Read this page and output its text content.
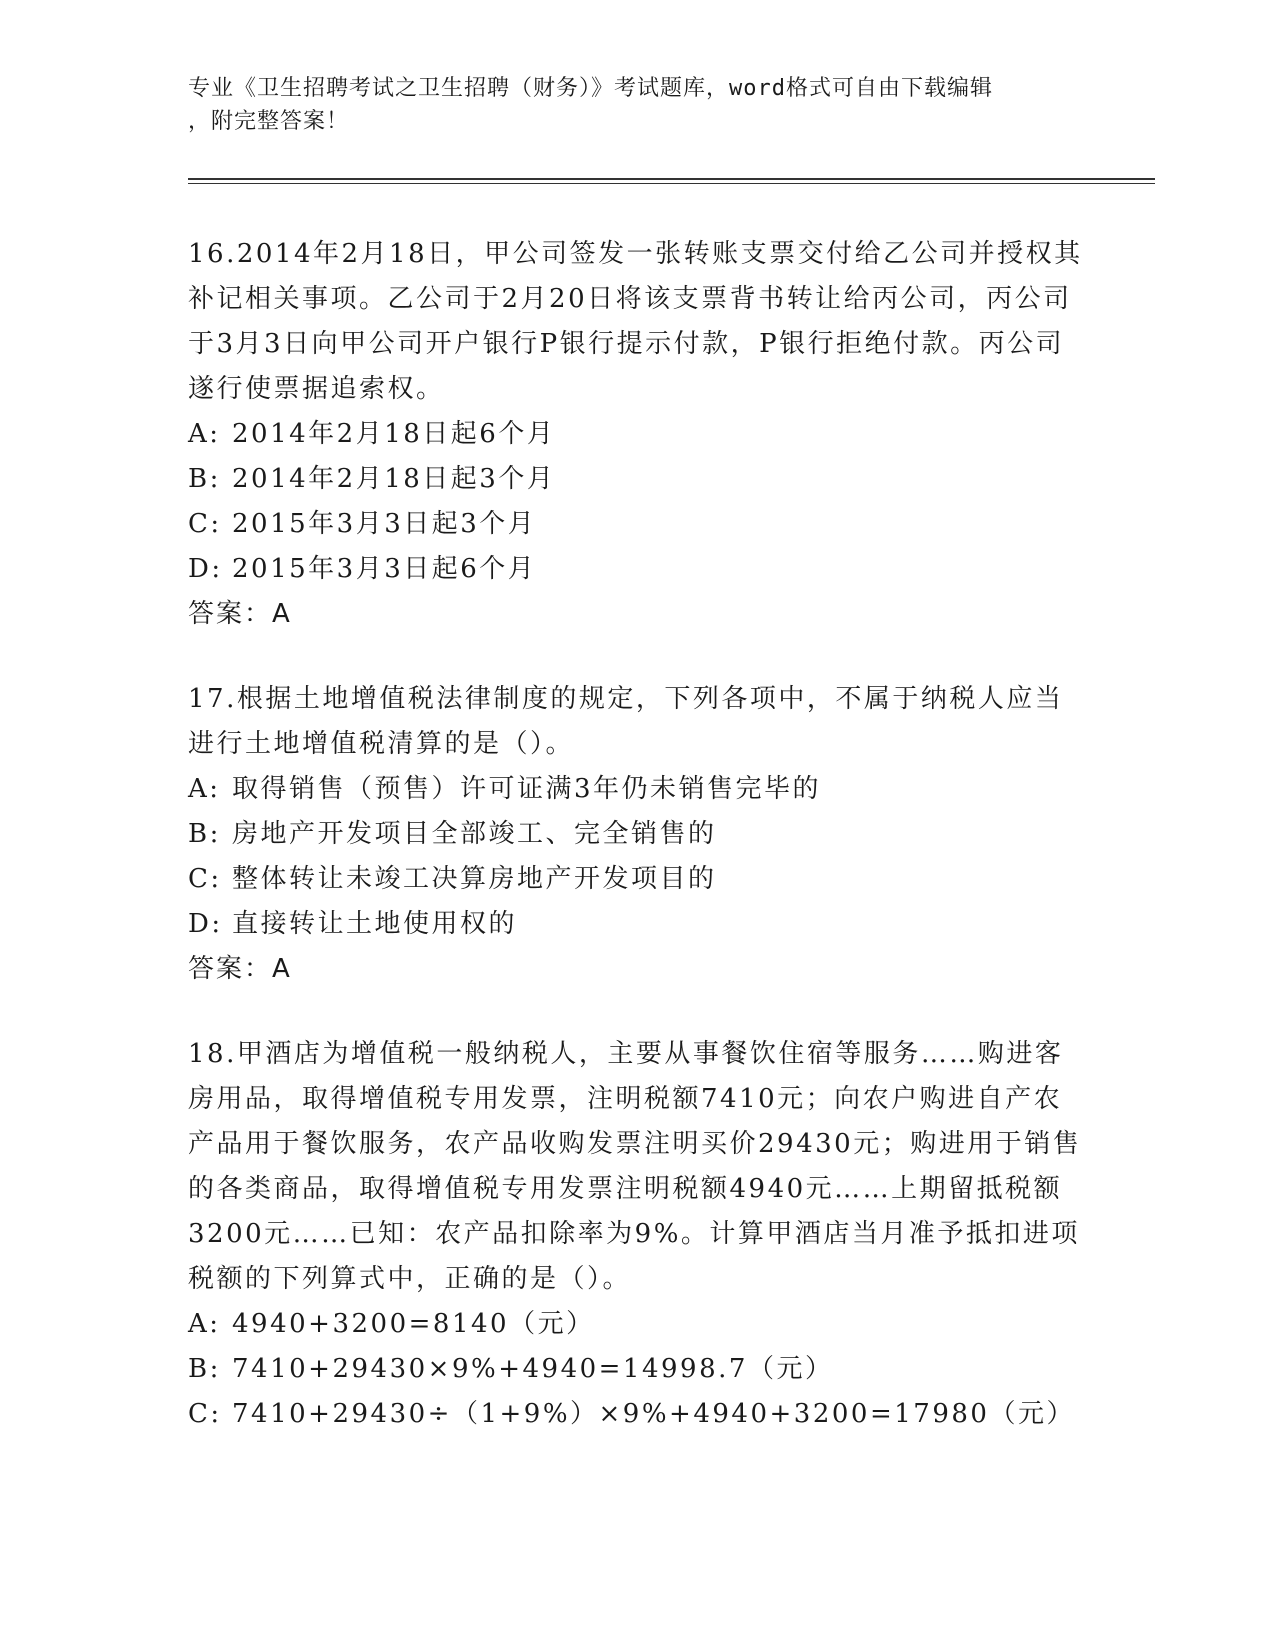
专业《卫生招聘考试之卫生招聘（财务）》考试题库，word格式可自由下载编辑
，附完整答案！

16.2014年2月18日，甲公司签发一张转账支票交付给乙公司并授权其补记相关事项。乙公司于2月20日将该支票背书转让给丙公司，丙公司于3月3日向甲公司开户银行P银行提示付款，P银行拒绝付款。丙公司遂行使票据追索权。

A: 2014年2月18日起6个月

B: 2014年2月18日起3个月

C: 2015年3月3日起3个月

D: 2015年3月3日起6个月

答案：A

17.根据土地增值税法律制度的规定，下列各项中，不属于纳税人应当进行土地增值税清算的是（）。

A: 取得销售（预售）许可证满3年仍未销售完毕的

B: 房地产开发项目全部竣工、完全销售的

C: 整体转让未竣工决算房地产开发项目的

D: 直接转让土地使用权的

答案：A

18.甲酒店为增值税一般纳税人，主要从事餐饮住宿等服务……购进客房用品，取得增值税专用发票，注明税额7410元；向农户购进自产农产品用于餐饮服务，农产品收购发票注明买价29430元；购进用于销售的各类商品，取得增值税专用发票注明税额4940元……上期留抵税额3200元……已知：农产品扣除率为9%。计算甲酒店当月准予抵扣进项税额的下列算式中，正确的是（）。

A: 4940+3200=8140（元）

B: 7410+29430×9%+4940=14998.7（元）

C: 7410+29430÷（1+9%）×9%+4940+3200=17980（元）
